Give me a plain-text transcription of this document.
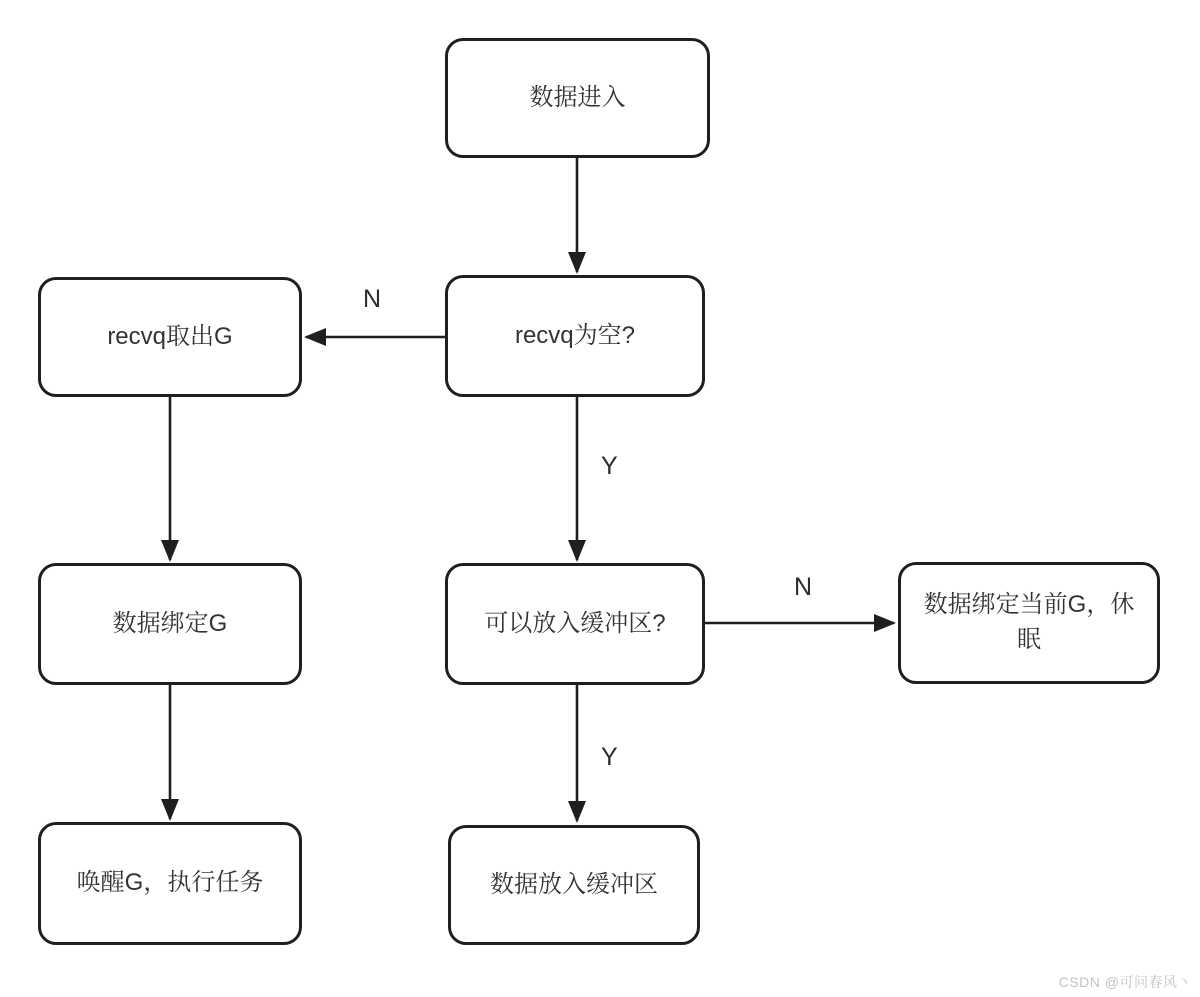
数据进入
recvq为空?
recvq取出G
数据绑定G
唤醒G，执行任务
可以放入缓冲区?
数据绑定当前G，休眠
数据放入缓冲区
N
Y
N
Y
CSDN @可问春风丶
